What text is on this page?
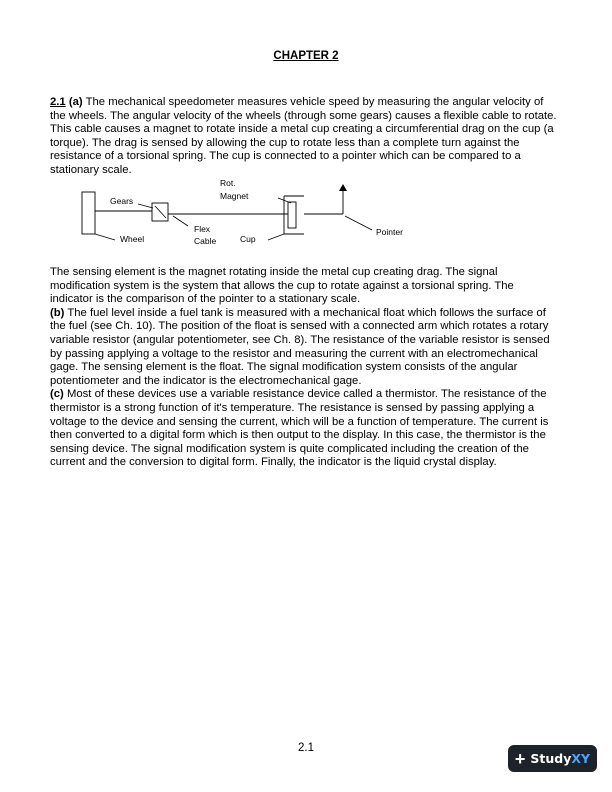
CHAPTER 2

2.1 (a) The mechanical speedometer measures vehicle speed by measuring the angular velocity of the wheels. The angular velocity of the wheels (through some gears) causes a flexible cable to rotate. This cable causes a magnet to rotate inside a metal cup creating a circumferential drag on the cup (a torque). The drag is sensed by allowing the cup to rotate less than a complete turn against the resistance of a torsional spring. The cup is connected to a pointer which can be compared to a stationary scale.

Gears
Rot.
Magnet
Wheel
Flex
Cable	Cup
Pointer
The sensing element is the magnet rotating inside the metal cup creating drag. The signal modification system is the system that allows the cup to rotate against a torsional spring. The indicator is the comparison of the pointer to a stationary scale.
(b) The fuel level inside a fuel tank is measured with a mechanical float which follows the surface of the fuel (see Ch. 10). The position of the float is sensed with a connected arm which rotates a rotary variable resistor (angular potentiometer, see Ch. 8). The resistance of the variable resistor is sensed by passing applying a voltage to the resistor and measuring the current with an electromechanical gage. The sensing element is the float. The signal modification system consists of the angular potentiometer and the indicator is the electromechanical gage.
(c) Most of these devices use a variable resistance device called a thermistor. The resistance of the thermistor is a strong function of it's temperature. The resistance is sensed by passing applying a voltage to the device and sensing the current, which will be a function of temperature. The current is then converted to a digital form which is then output to the display. In this case, the thermistor is the sensing device. The signal modification system is quite complicated including the creation of the current and the conversion to digital form. Finally, the indicator is the liquid crystal display.
2.1
+ StudyXY
